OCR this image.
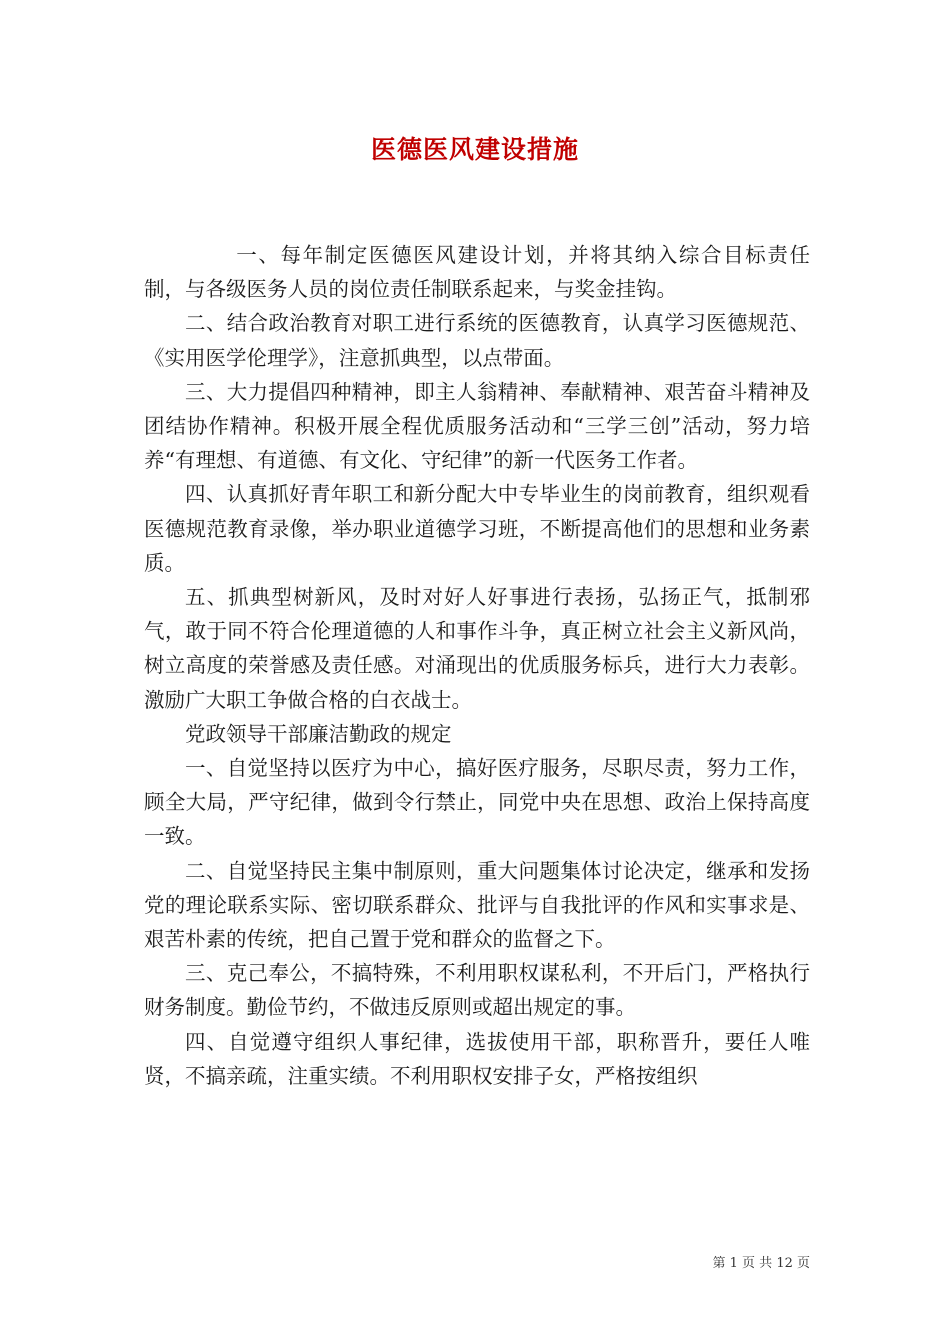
医德医风建设措施

一、每年制定医德医风建设计划，并将其纳入综合目标责任制，与各级医务人员的岗位责任制联系起来，与奖金挂钩。

二、结合政治教育对职工进行系统的医德教育，认真学习医德规范、《实用医学伦理学》，注意抓典型，以点带面。

三、大力提倡四种精神，即主人翁精神、奉献精神、艰苦奋斗精神及团结协作精神。积极开展全程优质服务活动和“三学三创”活动，努力培养“有理想、有道德、有文化、守纪律”的新一代医务工作者。

四、认真抓好青年职工和新分配大中专毕业生的岗前教育，组织观看医德规范教育录像，举办职业道德学习班，不断提高他们的思想和业务素质。

五、抓典型树新风，及时对好人好事进行表扬，弘扬正气，抵制邪气，敢于同不符合伦理道德的人和事作斗争，真正树立社会主义新风尚，树立高度的荣誉感及责任感。对涌现出的优质服务标兵，进行大力表彰。激励广大职工争做合格的白衣战士。

党政领导干部廉洁勤政的规定

一、自觉坚持以医疗为中心，搞好医疗服务，尽职尽责，努力工作，顾全大局，严守纪律，做到令行禁止，同党中央在思想、政治上保持高度一致。

二、自觉坚持民主集中制原则，重大问题集体讨论决定，继承和发扬党的理论联系实际、密切联系群众、批评与自我批评的作风和实事求是、艰苦朴素的传统，把自己置于党和群众的监督之下。

三、克己奉公，不搞特殊，不利用职权谋私利，不开后门，严格执行财务制度。勤俭节约，不做违反原则或超出规定的事。

四、自觉遵守组织人事纪律，选拔使用干部，职称晋升，要任人唯贤，不搞亲疏，注重实绩。不利用职权安排子女，严格按组织

第 1 页 共 12 页
